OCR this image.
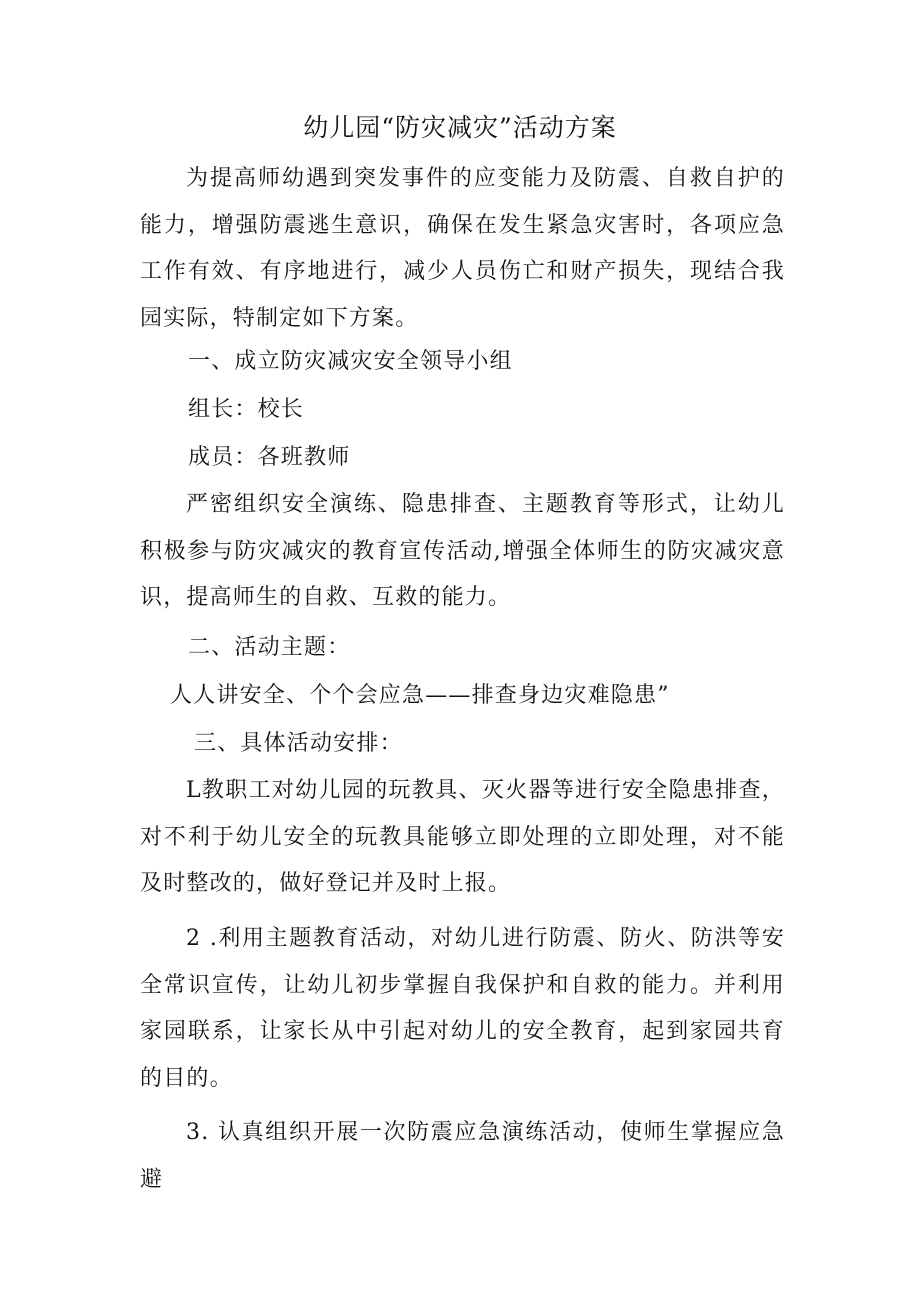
幼儿园“防灾减灾”活动方案

为提高师幼遇到突发事件的应变能力及防震、自救自护的能力，增强防震逃生意识，确保在发生紧急灾害时，各项应急工作有效、有序地进行，减少人员伤亡和财产损失，现结合我园实际，特制定如下方案。

一、成立防灾减灾安全领导小组

组长：校长

成员：各班教师

严密组织安全演练、隐患排查、主题教育等形式，让幼儿积极参与防灾减灾的教育宣传活动,增强全体师生的防灾减灾意识，提高师生的自救、互救的能力。

二、活动主题：

人人讲安全、个个会应急——排查身边灾难隐患”

三、具体活动安排：

L教职工对幼儿园的玩教具、灭火器等进行安全隐患排查，对不利于幼儿安全的玩教具能够立即处理的立即处理，对不能及时整改的，做好登记并及时上报。

2 .利用主题教育活动，对幼儿进行防震、防火、防洪等安全常识宣传，让幼儿初步掌握自我保护和自救的能力。并利用家园联系，让家长从中引起对幼儿的安全教育，起到家园共育的目的。

3. 认真组织开展一次防震应急演练活动，使师生掌握应急避
